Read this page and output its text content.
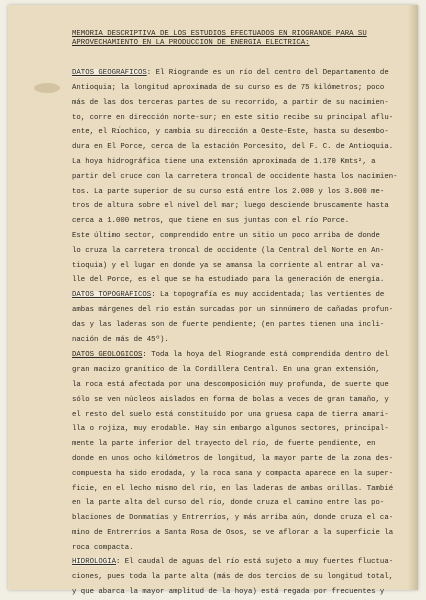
MEMORIA DESCRIPTIVA DE LOS ESTUDIOS EFECTUADOS EN RIOGRANDE PARA SU
APROVECHAMIENTO EN LA PRODUCCION DE ENERGIA ELECTRICA:
DATOS GEOGRAFICOS: El Riogrande es un río del centro del Departamento de
Antioquia; la longitud aproximada de su curso es de 75 kilómetros; poco
más de las dos terceras partes de su recorrido, a partir de su nacimien-
to, corre en dirección norte-sur; en este sitio recibe su principal aflu-
ente, el Rı́ochico, y cambia su dirección a Oeste-Este, hasta su desembo-
dura en El Porce, cerca de la estación Porcesito, del F. C. de Antioquia.
La hoya hidrográfica tiene una extensión aproximada de 1.170 Kmts², a
partir del cruce con la carretera troncal de occidente hasta los nacimien-
tos. La parte superior de su curso está entre los 2.000 y los 3.000 me-
tros de altura sobre el nivel del mar; luego desciende bruscamente hasta
cerca a 1.000 metros, que tiene en sus juntas con el río Porce.
Este último sector, comprendido entre un sitio un poco arriba de donde
lo cruza la carretera troncal de occidente (la Central del Norte en An-
tioquia) y el lugar en donde ya se amansa la corriente al entrar al va-
lle del Porce, es el que se ha estudiado para la generación de energía.
DATOS TOPOGRAFICOS: La topografía es muy accidentada; las vertientes de
ambas márgenes del río están surcadas por un sinnúmero de cañadas profun-
das y las laderas son de fuerte pendiente; (en partes tienen una incli-
nación de más de 45º).
DATOS GEOLOGICOS: Toda la hoya del Riogrande está comprendida dentro del
gran macizo granítico de la Cordillera Central. En una gran extensión,
la roca está afectada por una descomposición muy profunda, de suerte que
sólo se ven núcleos aislados en forma de bolas a veces de gran tamaño, y
el resto del suelo está constituído por una gruesa capa de tierra amari-
lla o rojiza, muy erodable. Hay sin embargo algunos sectores, principal-
mente la parte inferior del trayecto del río, de fuerte pendiente, en
donde en unos ocho kilómetros de longitud, la mayor parte de la zona des-
compuesta ha sido erodada, y la roca sana y compacta aparece en la super-
ficie, en el lecho mismo del río, en las laderas de ambas orillas. Tambié
en la parte alta del curso del río, donde cruza el camino entre las po-
blaciones de Donmatías y Entrerríos, y más arriba aún, donde cruza el ca-
mino de Entrerríos a Santa Rosa de Osos, se ve aflorar a la superficie la
roca compacta.
HIDROLOGIA: El caudal de aguas del río está sujeto a muy fuertes fluctua-
ciones, pues toda la parte alta (más de dos tercios de su longitud total,
y que abarca la mayor amplitud de la hoya) está regada por frecuentes y
